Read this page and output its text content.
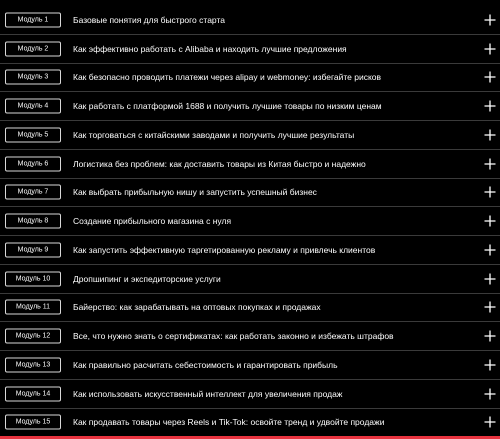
Модуль 1	Базовые понятия для быстрого старта
Модуль 2	Как эффективно работать с Alibaba и находить лучшие предложения
Модуль 3	Как безопасно проводить платежи через alipay и webmoney: избегайте рисков
Модуль 4	Как работать с платформой 1688 и получить лучшие товары по низким ценам
Модуль 5	Как торговаться с китайскими заводами и получить лучшие результаты
Модуль 6	Логистика без проблем: как доставить товары из Китая быстро и надежно
Модуль 7	Как выбрать прибыльную нишу и запустить успешный бизнес
Модуль 8	Создание прибыльного магазина с нуля
Модуль 9	Как запустить эффективную таргетированную рекламу и привлечь клиентов
Модуль 10	Дропшипинг и экспедиторские услуги
Модуль 11	Байерство: как зарабатывать на оптовых покупках и продажах
Модуль 12	Все, что нужно знать о сертификатах: как работать законно и избежать штрафов
Модуль 13	Как правильно расчитать себестоимость и гарантировать прибыль
Модуль 14	Как использовать искусственный интеллект для увеличения продаж
Модуль 15	Как продавать товары через Reels и Tik-Tok: освойте тренд и удвойте продажи
